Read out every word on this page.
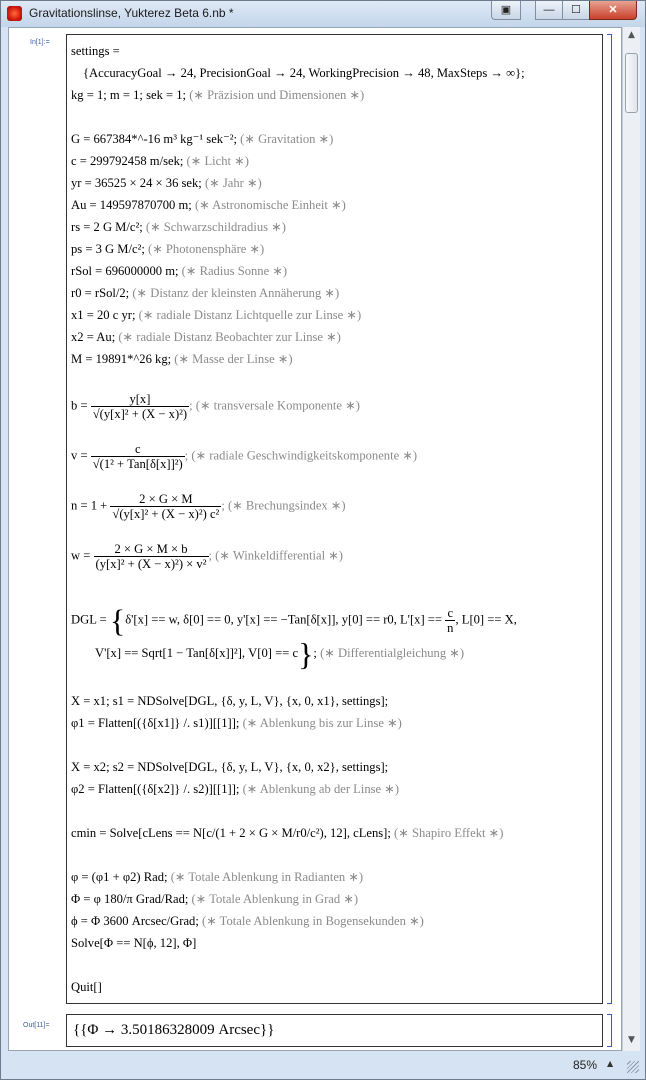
Gravitationslinse, Yukterez Beta 6.nb *	▣	—	☐	✕
In[1]:=
settings =
{AccuracyGoal → 24, PrecisionGoal → 24, WorkingPrecision → 48, MaxSteps → ∞};
kg = 1; m = 1; sek = 1; (∗ Präzision und Dimensionen ∗)
G = 667384*^-16 m³ kg⁻¹ sek⁻²; (∗ Gravitation ∗)
c = 299792458 m/sek; (∗ Licht ∗)
yr = 36525 × 24 × 36 sek; (∗ Jahr ∗)
Au = 149597870700 m; (∗ Astronomische Einheit ∗)
rs = 2 G M/c²; (∗ Schwarzschildradius ∗)
ps = 3 G M/c²; (∗ Photonensphäre ∗)
rSol = 696000000 m; (∗ Radius Sonne ∗)
r0 = rSol/2; (∗ Distanz der kleinsten Annäherung ∗)
x1 = 20 c yr; (∗ radiale Distanz Lichtquelle zur Linse ∗)
x2 = Au; (∗ radiale Distanz Beobachter zur Linse ∗)
M = 19891*^26 kg; (∗ Masse der Linse ∗)
$b = \frac{y[x]}{\text{√(y[x]² + (X − x)²)}}$ ; (∗ transversale Komponente ∗)
$v = \frac{c}{\text{√(1² + Tan[δ[x]]²)}}$ ; (∗ radiale Geschwindigkeitskomponente ∗)
$n = 1 + \frac{2 \times G \times M}{\text{√(y[x]² + (X − x)²) c²}}$ ; (∗ Brechungsindex ∗)
$w = \frac{2 \times G \times M \times b}{\text{(y[x]² + (X − x)²) × v²}}$ ; (∗ Winkeldifferential ∗)
DGL = {δ'[x] == w, δ[0] == 0, y'[x] == −Tan[δ[x]], y[0] == r0, $L'[x] == \frac{c}{n}$ , L[0] == X,
V'[x] == Sqrt[1 − Tan[δ[x]]²], V[0] == c}; (∗ Differentialgleichung ∗)
X = x1; s1 = NDSolve[DGL, {δ, y, L, V}, {x, 0, x1}, settings];
φ1 = Flatten[({δ[x1]} /. s1)][[1]]; (∗ Ablenkung bis zur Linse ∗)
X = x2; s2 = NDSolve[DGL, {δ, y, L, V}, {x, 0, x2}, settings];
φ2 = Flatten[({δ[x2]} /. s2)][[1]]; (∗ Ablenkung ab der Linse ∗)
cmin = Solve[cLens == N[c/(1 + 2 × G × M/r0/c²), 12], cLens]; (∗ Shapiro Effekt ∗)
φ = (φ1 + φ2) Rad; (∗ Totale Ablenkung in Radianten ∗)
Φ = φ 180/π Grad/Rad; (∗ Totale Ablenkung in Grad ∗)
ϕ = Φ 3600 Arcsec/Grad; (∗ Totale Ablenkung in Bogensekunden ∗)
Solve[Φ == N[ϕ, 12], Φ]
Quit[]
Out[11]= {{Φ → 3.50186328009 Arcsec}}
▲
▼
85% ▲
